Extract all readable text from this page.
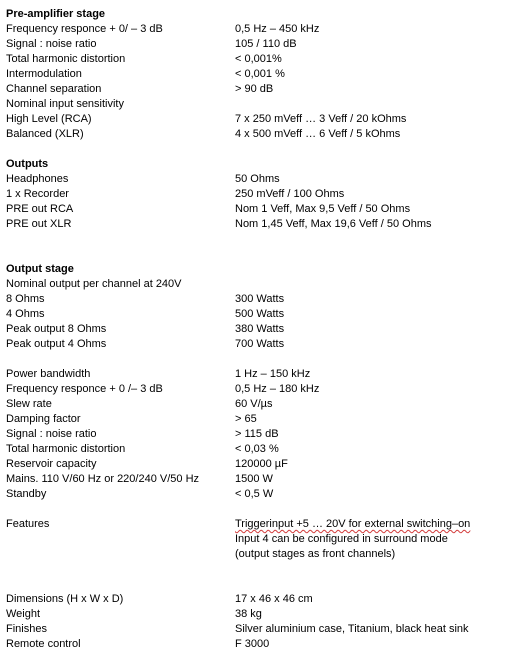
Pre-amplifier stage
Frequency responce + 0/ – 3 dB	0,5 Hz – 450 kHz
Signal : noise ratio	105 / 110 dB
Total harmonic distortion	< 0,001%
Intermodulation	< 0,001 %
Channel separation	> 90 dB
Nominal input sensitivity
High Level (RCA)	7 x 250 mVeff … 3 Veff / 20 kOhms
Balanced (XLR)	4 x 500 mVeff … 6 Veff / 5 kOhms
Outputs
Headphones	50 Ohms
1 x Recorder	250 mVeff / 100 Ohms
PRE out RCA	Nom 1 Veff, Max 9,5 Veff / 50 Ohms
PRE out XLR	Nom 1,45 Veff, Max 19,6 Veff / 50 Ohms
Output stage
Nominal output per channel at 240V
8 Ohms	300 Watts
4 Ohms	500 Watts
Peak output 8 Ohms	380 Watts
Peak output 4 Ohms	700 Watts
Power bandwidth	1 Hz – 150 kHz
Frequency responce + 0 /– 3 dB	0,5 Hz – 180 kHz
Slew rate	60 V/µs
Damping factor	> 65
Signal : noise ratio	> 115 dB
Total harmonic distortion	< 0,03 %
Reservoir capacity	120000 µF
Mains. 110 V/60 Hz or 220/240 V/50 Hz	1500 W
Standby	< 0,5 W
Features	Triggerinput +5 … 20V for external switching–on
Input 4 can be configured in surround mode
(output stages as front channels)
Dimensions (H x W x D)	17 x 46 x 46 cm
Weight	38 kg
Finishes	Silver aluminium case, Titanium, black heat sink
Remote control	F 3000
